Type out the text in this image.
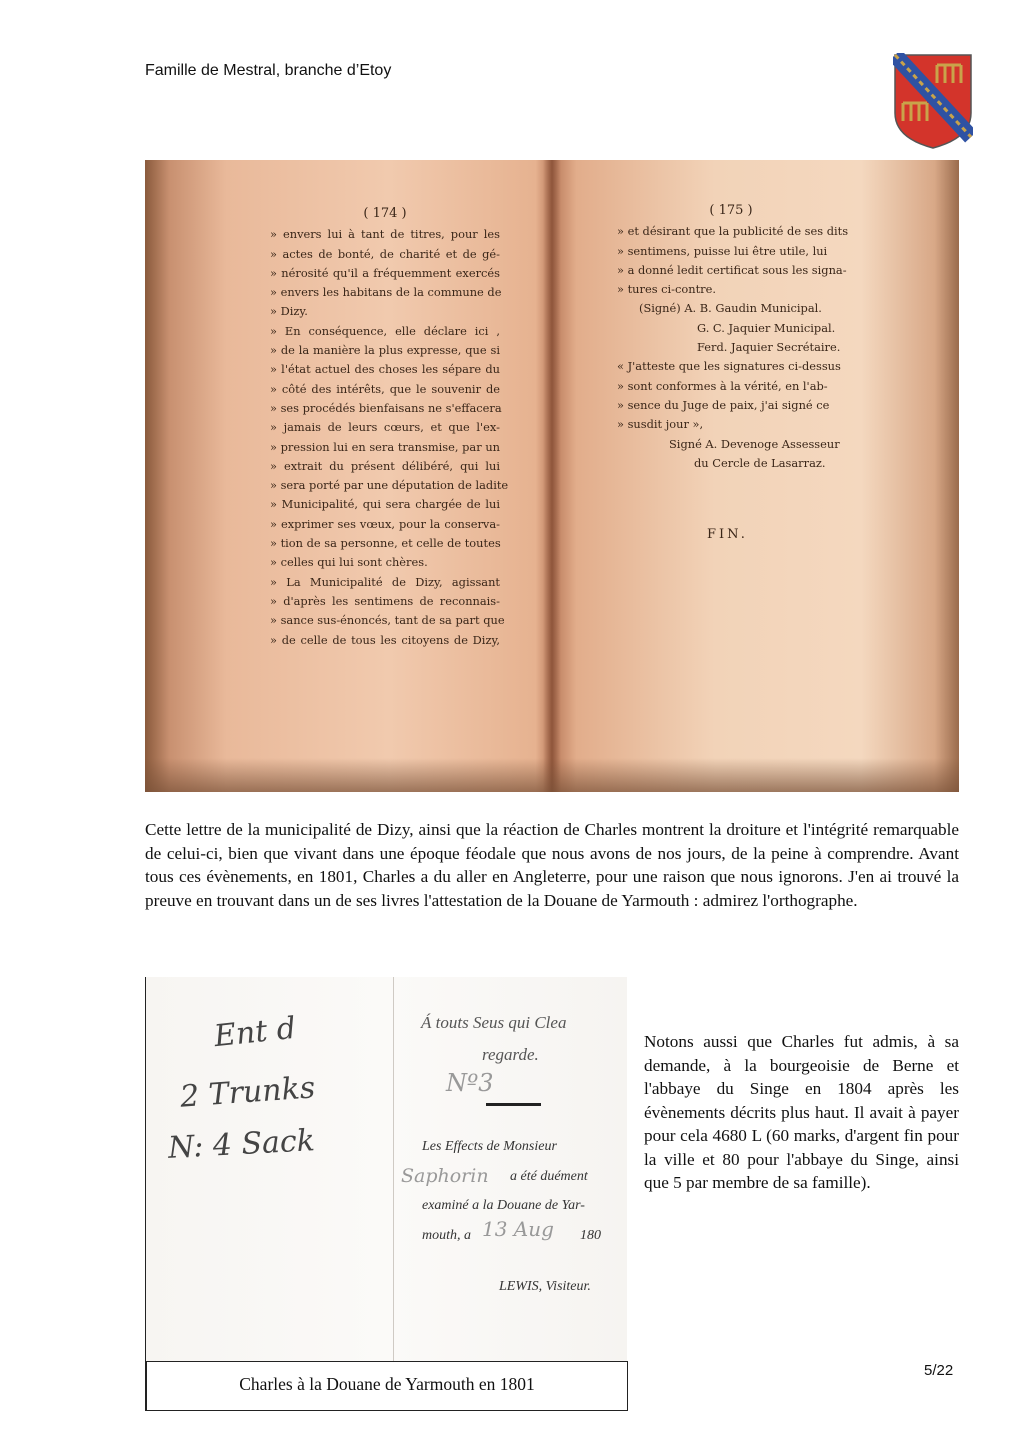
Famille de Mestral, branche d’Etoy
( 174 )
» envers lui à tant de titres, pour les
» actes de bonté, de charité et de gé-
» nérosité qu'il a fréquemment exercés
» envers les habitans de la commune de
» Dizy.
» En conséquence, elle déclare ici ,
» de la manière la plus expresse, que si
» l'état actuel des choses les sépare du
» côté des intérêts, que le souvenir de
» ses procédés bienfaisans ne s'effacera
» jamais de leurs cœurs, et que l'ex-
» pression lui en sera transmise, par un
» extrait du présent délibéré, qui lui
» sera porté par une députation de ladite
» Municipalité, qui sera chargée de lui
» exprimer ses vœux, pour la conserva-
» tion de sa personne, et celle de toutes
» celles qui lui sont chères.
» La Municipalité de Dizy, agissant
» d'après les sentimens de reconnais-
» sance sus-énoncés, tant de sa part que
» de celle de tous les citoyens de Dizy,
( 175 )
» et désirant que la publicité de ses dits
» sentimens, puisse lui être utile, lui
» a donné ledit certificat sous les signa-
» tures ci-contre.
(Signé) A. B. Gaudin Municipal.
G. C. Jaquier Municipal.
Ferd. Jaquier Secrétaire.
« J'atteste que les signatures ci-dessus
» sont conformes à la vérité, en l'ab-
» sence du Juge de paix, j'ai signé ce
» susdit jour »,
Signé A. Devenoge Assesseur
du Cercle de Lasarraz.
FIN.
Cette lettre de la municipalité de Dizy, ainsi que la réaction de Charles montrent la droiture et l'intégrité remarquable de celui-ci, bien que vivant dans une époque féodale que nous avons de nos jours, de la peine à comprendre. Avant tous ces évènements, en 1801, Charles a du aller en Angleterre, pour une raison que nous ignorons. J'en ai trouvé la preuve en trouvant dans un de ses livres l'attestation de la Douane de Yarmouth : admirez l'orthographe.
Ent d
2 Trunks
N: 4 Sack
Á touts Seus qui Clea
regarde.
Nº3
Les Effects de Monsieur
Saphorin a été duément
examiné a la Douane de Yar-
mouth, a 13 Aug 180
LEWIS, Visiteur.
Charles à la Douane de Yarmouth en 1801
Notons aussi que Charles fut admis, à sa demande, à la bourgeoisie de Berne et l'abbaye du Singe en 1804 après les évènements décrits plus haut. Il avait à payer pour cela 4680 L (60 marks, d'argent fin pour la ville et 80 pour l'abbaye du Singe, ainsi que 5 par membre de sa famille).
5/22
